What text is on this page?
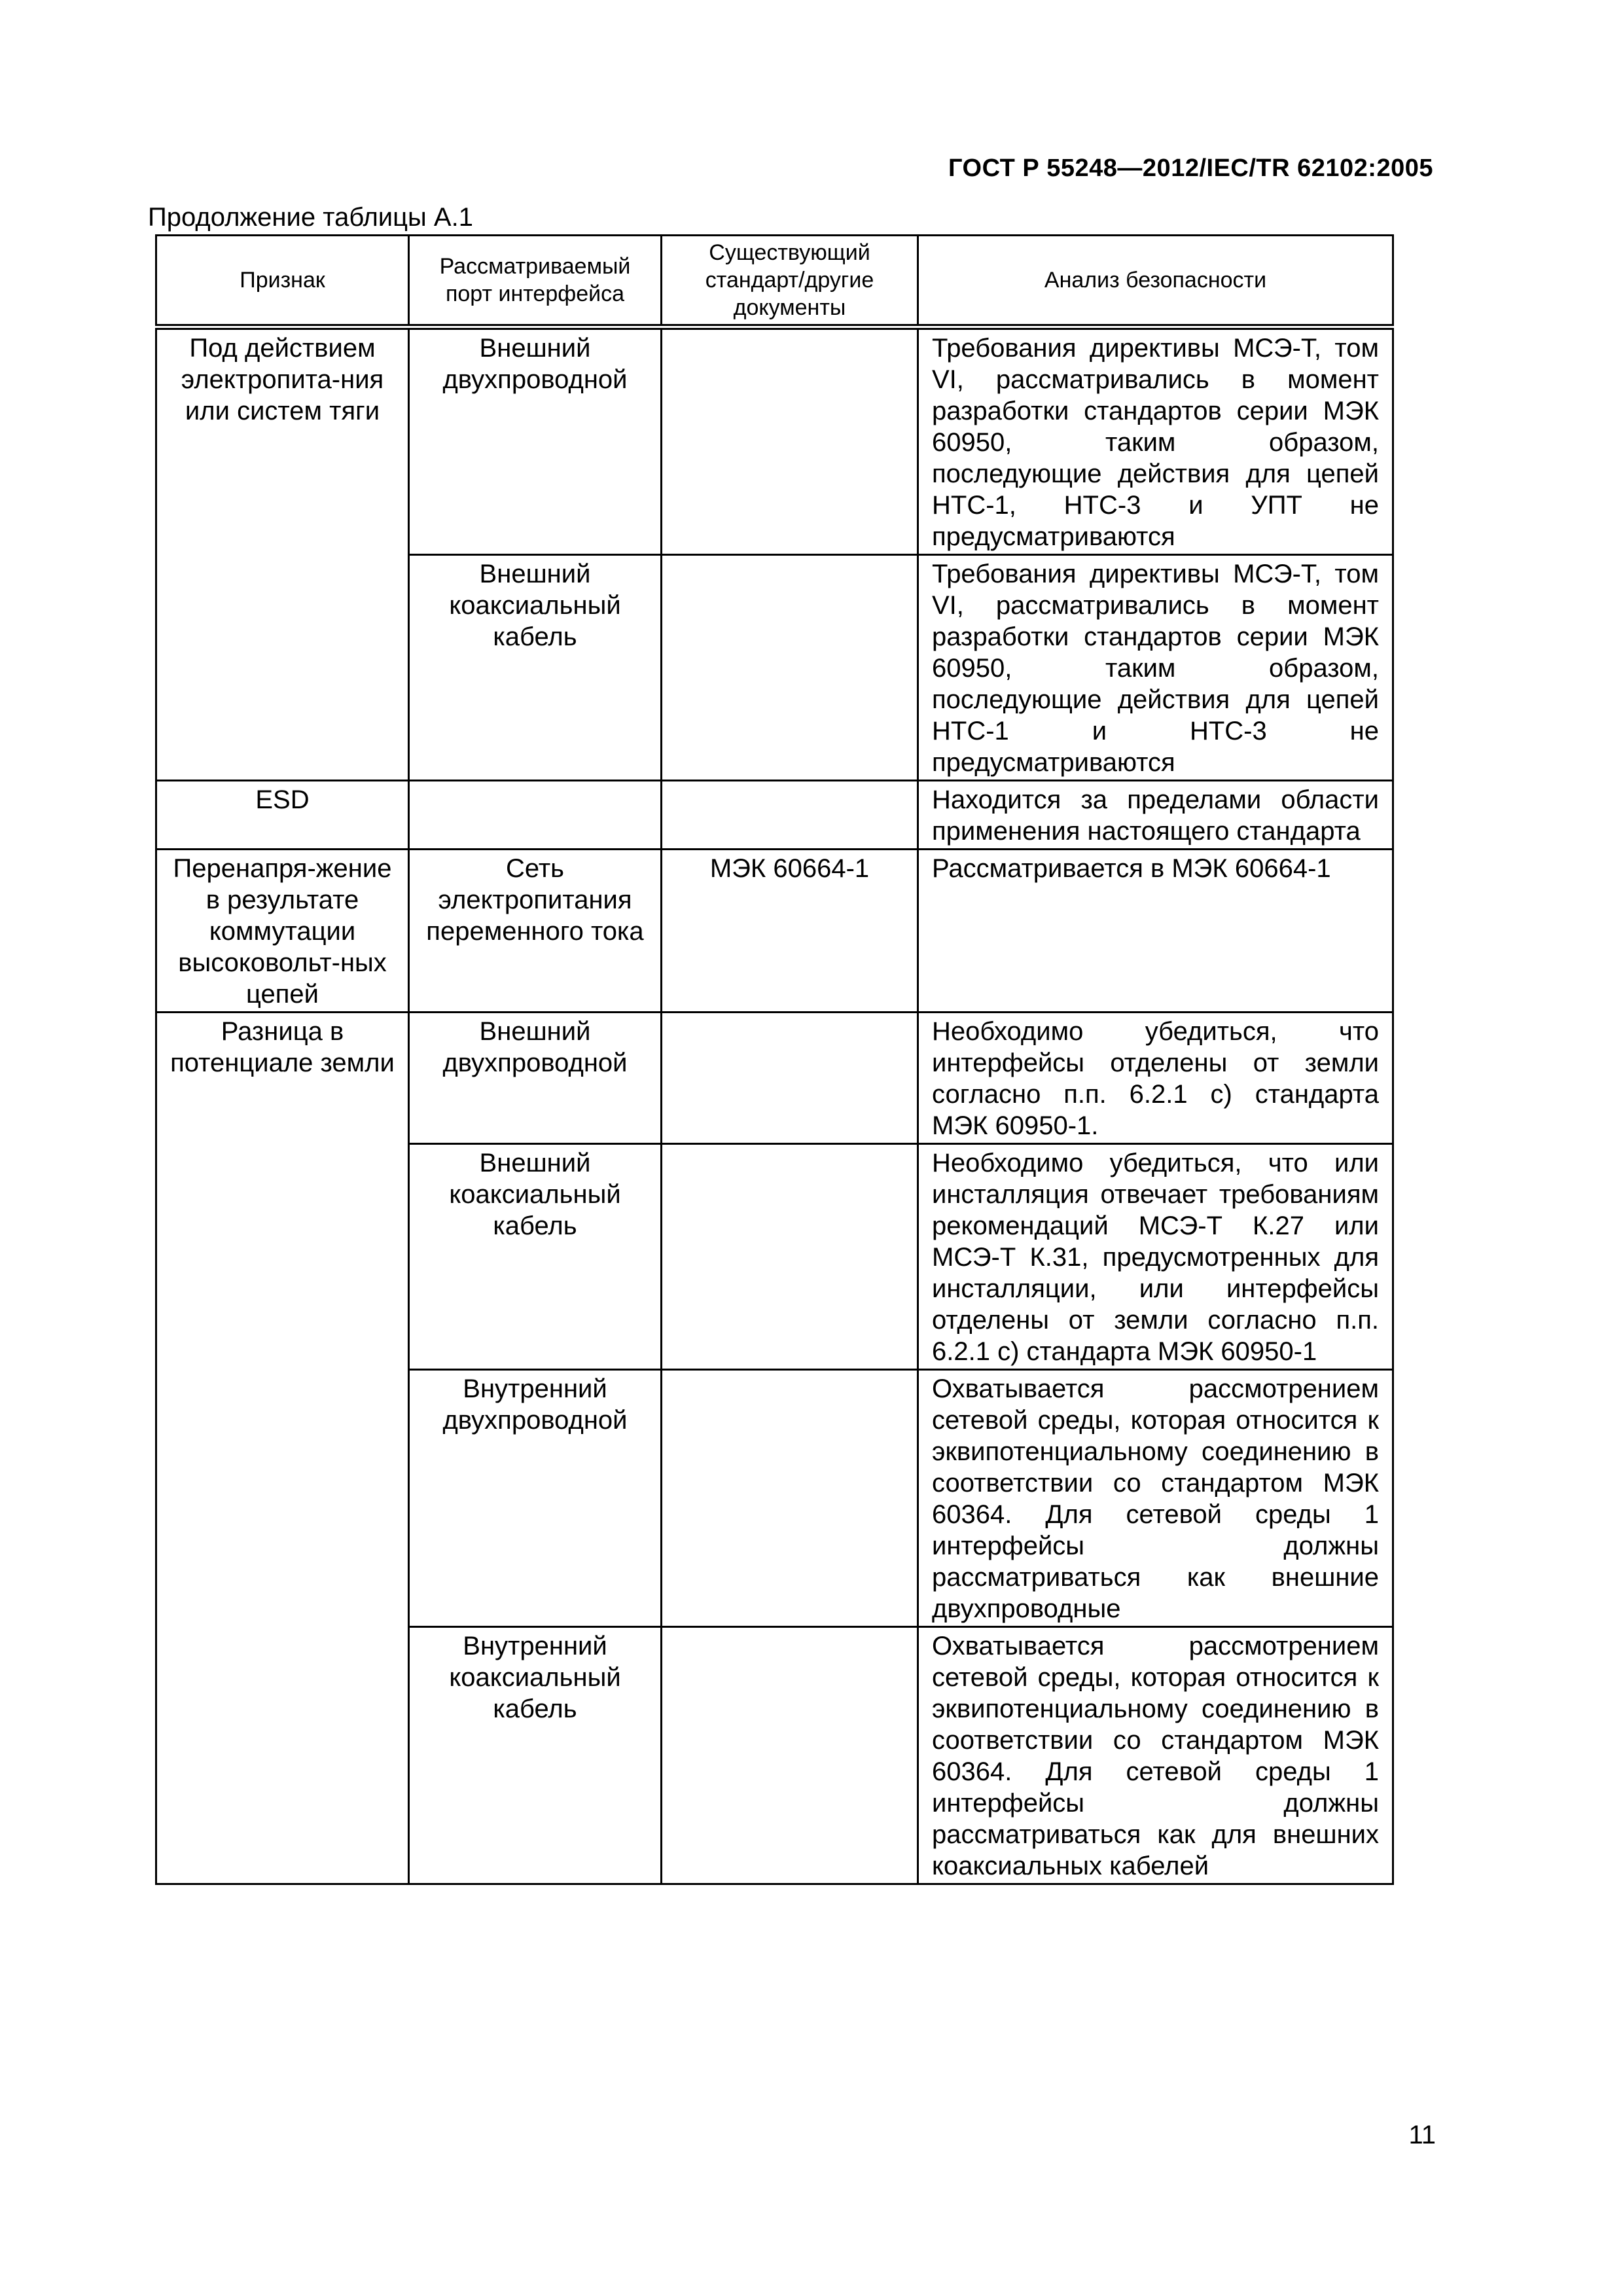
ГОСТ Р 55248—2012/IEC/TR 62102:2005
Продолжение таблицы А.1
Признак	Рассматриваемый порт интерфейса	Существующий стандарт/другие документы	Анализ безопасности
Под действием электропита-ния или систем тяги	Внешний двухпроводной		Требования директивы МСЭ-Т, том VI, рассматривались в момент разработки стандартов серии МЭК 60950, таким образом, последующие действия для цепей НТС-1, НТС-3 и УПТ не предусматриваются
	Внешний коаксиальный кабель		Требования директивы МСЭ-Т, том VI, рассматривались в момент разработки стандартов серии МЭК 60950, таким образом, последующие действия для цепей НТС-1 и НТС-3 не предусматриваются
ESD			Находится за пределами области применения настоящего стандарта
Перенапря-жение в результате коммутации высоковольт-ных цепей	Сеть электропитания переменного тока	МЭК 60664-1	Рассматривается в МЭК 60664-1
Разница в потенциале земли	Внешний двухпроводной		Необходимо убедиться, что интерфейсы отделены от земли согласно п.п. 6.2.1 с) стандарта МЭК 60950-1.
	Внешний коаксиальный кабель		Необходимо убедиться, что или инсталляция отвечает требованиям рекомендаций МСЭ-Т К.27 или МСЭ-Т К.31, предусмотренных для инсталляции, или интерфейсы отделены от земли согласно п.п. 6.2.1 с) стандарта МЭК 60950-1
	Внутренний двухпроводной		Охватывается рассмотрением сетевой среды, которая относится к эквипотенциальному соединению в соответствии со стандартом МЭК 60364. Для сетевой среды 1 интерфейсы должны рассматриваться как внешние двухпроводные
	Внутренний коаксиальный кабель		Охватывается рассмотрением сетевой среды, которая относится к эквипотенциальному соединению в соответствии со стандартом МЭК 60364. Для сетевой среды 1 интерфейсы должны рассматриваться как для внешних коаксиальных кабелей
11
